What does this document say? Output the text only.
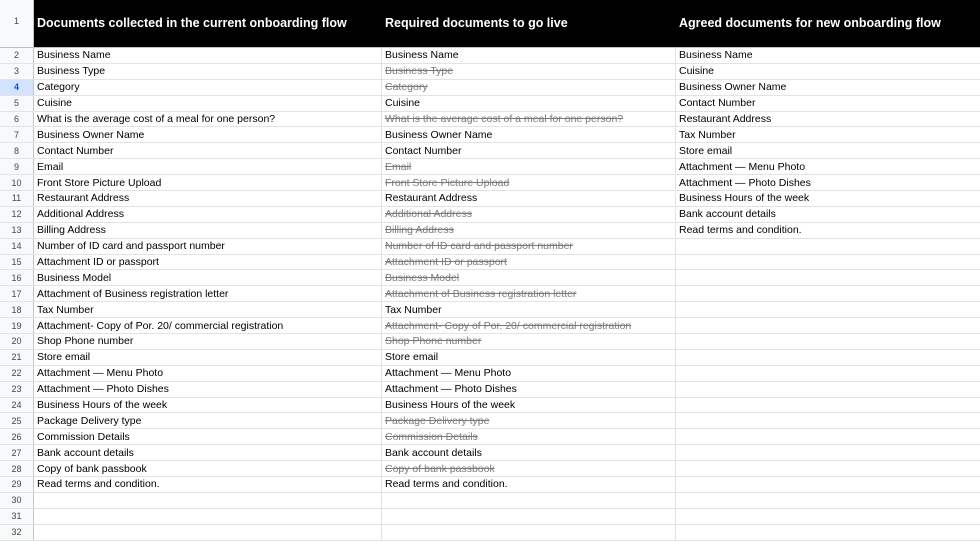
1	Documents collected in the current onboarding flow	Required documents to go live	Agreed documents for new onboarding flow
2	Business Name	Business Name	Business Name
3	Business Type	Business Type	Cuisine
4	Category	Category	Business Owner Name
5	Cuisine	Cuisine	Contact Number
6	What is the average cost of a meal for one person?	What is the average cost of a meal for one person?	Restaurant Address
7	Business Owner Name	Business Owner Name	Tax Number
8	Contact Number	Contact Number	Store email
9	Email	Email	Attachment — Menu Photo
10	Front Store Picture Upload	Front Store Picture Upload	Attachment — Photo Dishes
11	Restaurant Address	Restaurant Address	Business Hours of the week
12	Additional Address	Additional Address	Bank account details
13	Billing Address	Billing Address	Read terms and condition.
14	Number of ID card and passport number	Number of ID card and passport number
15	Attachment ID or passport	Attachment ID or passport
16	Business Model	Business Model
17	Attachment of Business registration letter	Attachment of Business registration letter
18	Tax Number	Tax Number
19	Attachment- Copy of Por. 20/ commercial registration	Attachment- Copy of Por. 20/ commercial registration
20	Shop Phone number	Shop Phone number
21	Store email	Store email
22	Attachment — Menu Photo	Attachment — Menu Photo
23	Attachment — Photo Dishes	Attachment — Photo Dishes
24	Business Hours of the week	Business Hours of the week
25	Package Delivery type	Package Delivery type
26	Commission Details	Commission Details
27	Bank account details	Bank account details
28	Copy of bank passbook	Copy of bank passbook
29	Read terms and condition.	Read terms and condition.
30
31
32
